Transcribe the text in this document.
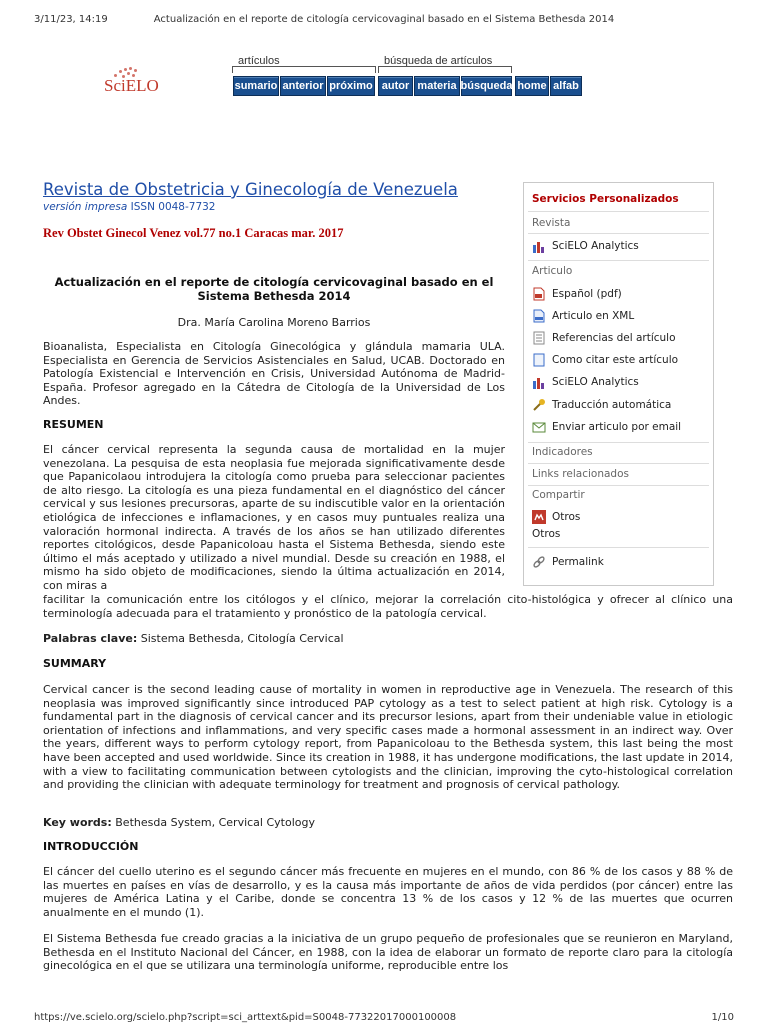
3/11/23, 14:19	Actualización en el reporte de citología cervicovaginal basado en el Sistema Bethesda 2014
SciELO
artículos	búsqueda de artículos
sumario anterior próximo autor materia búsqueda home alfab
Revista de Obstetricia y Ginecología de Venezuela
versión impresa ISSN 0048-7732
Rev Obstet Ginecol Venez vol.77 no.1 Caracas mar. 2017
Actualización en el reporte de citología cervicovaginal basado en el
Sistema Bethesda 2014
Dra. María Carolina Moreno Barrios
Bioanalista, Especialista en Citología Ginecológica y glándula mamaria ULA. Especialista en Gerencia de Servicios Asistenciales en Salud, UCAB. Doctorado en Patología Existencial e Intervención en Crisis, Universidad Autónoma de Madrid-España. Profesor agregado en la Cátedra de Citología de la Universidad de Los Andes.
RESUMEN
El cáncer cervical representa la segunda causa de mortalidad en la mujer venezolana. La pesquisa de esta neoplasia fue mejorada significativamente desde que Papanicolaou introdujera la citología como prueba para seleccionar pacientes de alto riesgo. La citología es una pieza fundamental en el diagnóstico del cáncer cervical y sus lesiones precursoras, aparte de su indiscutible valor en la orientación etiológica de infecciones e inflamaciones, y en casos muy puntuales realiza una valoración hormonal indirecta. A través de los años se han utilizado diferentes reportes citológicos, desde Papanicoloau hasta el Sistema Bethesda, siendo este último el más aceptado y utilizado a nivel mundial. Desde su creación en 1988, el mismo ha sido objeto de modificaciones, siendo la última actualización en 2014, con miras a
facilitar la comunicación entre los citólogos y el clínico, mejorar la correlación cito-histológica y ofrecer al clínico una terminología adecuada para el tratamiento y pronóstico de la patología cervical.
Palabras clave: Sistema Bethesda, Citología Cervical
SUMMARY
Cervical cancer is the second leading cause of mortality in women in reproductive age in Venezuela. The research of this neoplasia was improved significantly since introduced PAP cytology as a test to select patient at high risk. Cytology is a fundamental part in the diagnosis of cervical cancer and its precursor lesions, apart from their undeniable value in etiologic orientation of infections and inflammations, and very specific cases made a hormonal assessment in an indirect way. Over the years, different ways to perform cytology report, from Papanicoloau to the Bethesda system, this last being the most have been accepted and used worldwide. Since its creation in 1988, it has undergone modifications, the last update in 2014, with a view to facilitating communication between cytologists and the clinician, improving the cyto-histological correlation and providing the clinician with adequate terminology for treatment and prognosis of cervical pathology.
Key words: Bethesda System, Cervical Cytology
INTRODUCCIÓN
El cáncer del cuello uterino es el segundo cáncer más frecuente en mujeres en el mundo, con 86 % de los casos y 88 % de las muertes en países en vías de desarrollo, y es la causa más importante de años de vida perdidos (por cáncer) entre las mujeres de América Latina y el Caribe, donde se concentra 13 % de los casos y 12 % de las muertes que ocurren anualmente en el mundo (1).
El Sistema Bethesda fue creado gracias a la iniciativa de un grupo pequeño de profesionales que se reunieron en Maryland, Bethesda en el Instituto Nacional del Cáncer, en 1988, con la idea de elaborar un formato de reporte claro para la citología ginecológica en el que se utilizara una terminología uniforme, reproducible entre los
Servicios Personalizados
Revista
SciELO Analytics
Articulo
Español (pdf)
Articulo en XML
Referencias del artículo
Como citar este artículo
SciELO Analytics
Traducción automática
Enviar articulo por email
Indicadores
Links relacionados
Compartir
Otros
Otros
Permalink
https://ve.scielo.org/scielo.php?script=sci_arttext&pid=S0048-77322017000100008	1/10
